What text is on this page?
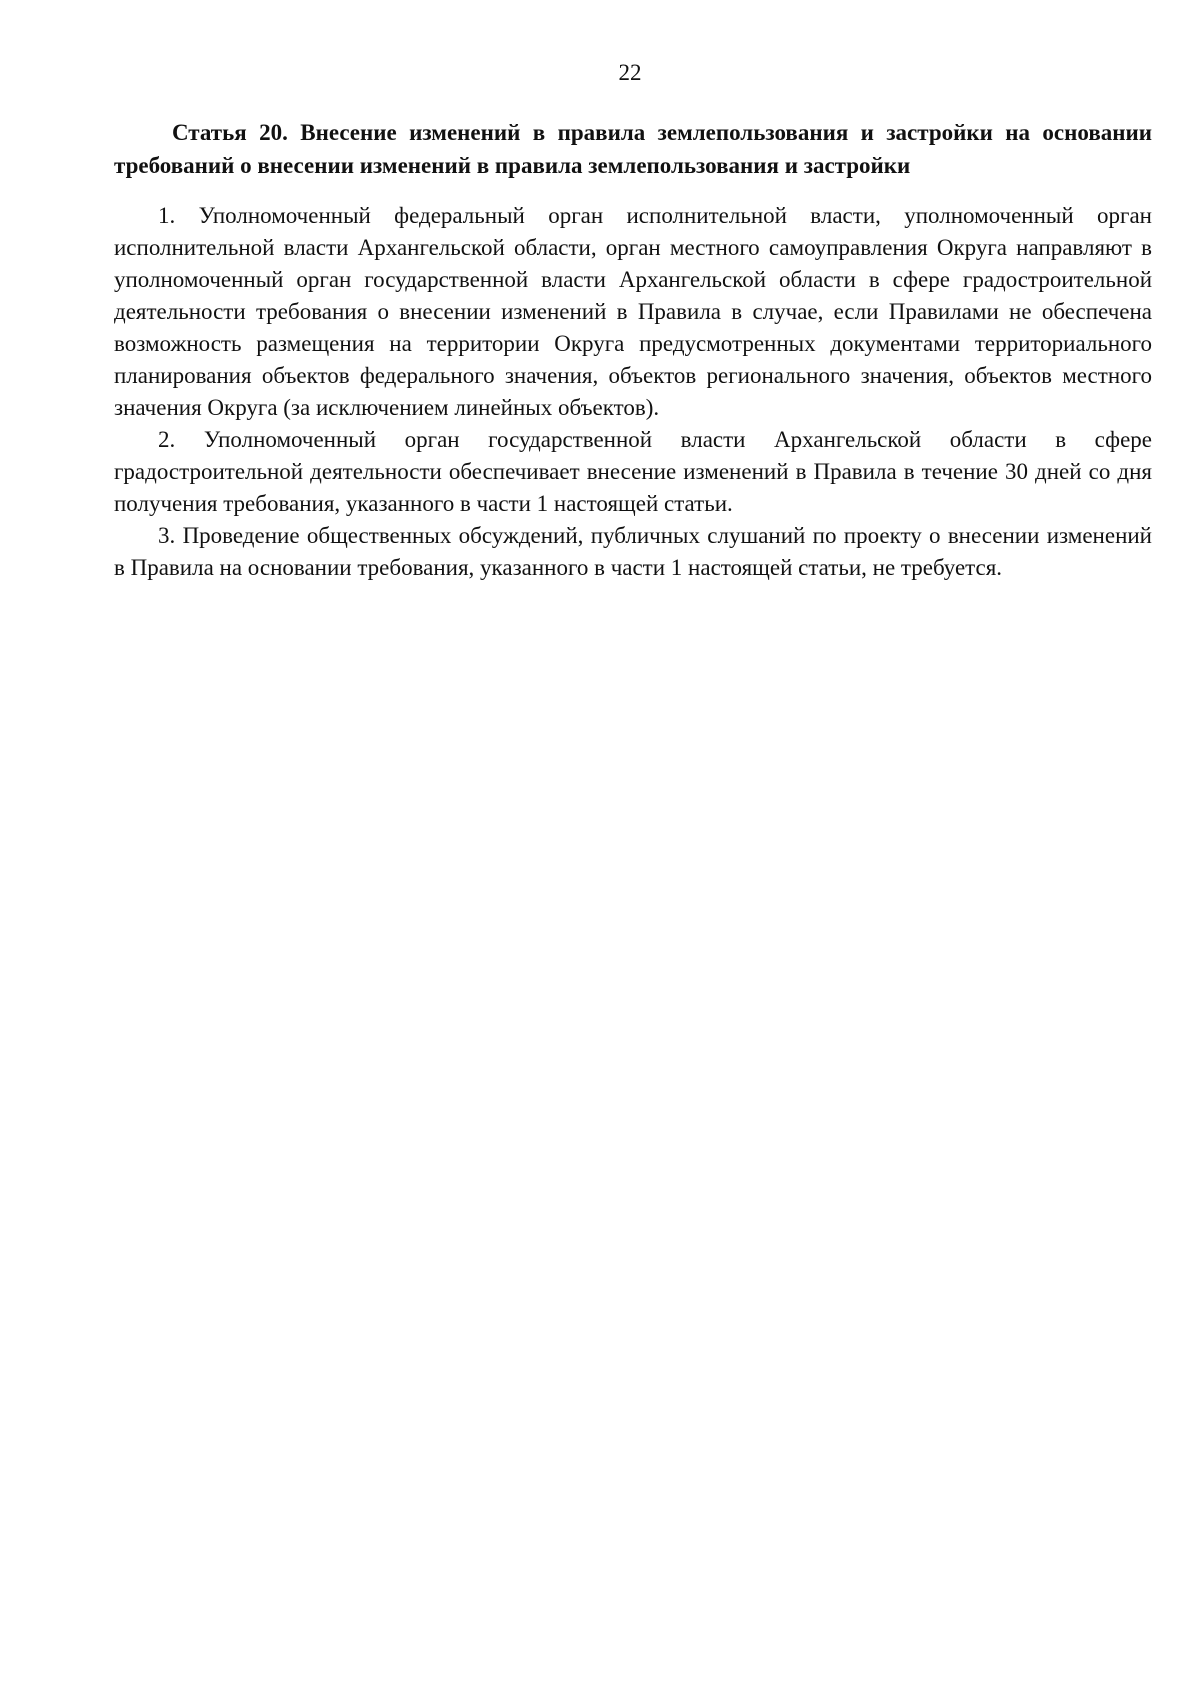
22

Статья 20. Внесение изменений в правила землепользования и застройки на основании требований о внесении изменений в правила землепользования и застройки

1. Уполномоченный федеральный орган исполнительной власти, уполномоченный орган исполнительной власти Архангельской области, орган местного самоуправления Округа направляют в уполномоченный орган государственной власти Архангельской области в сфере градостроительной деятельности требования о внесении изменений в Правила в случае, если Правилами не обеспечена возможность размещения на территории Округа предусмотренных документами территориального планирования объектов федерального значения, объектов регионального значения, объектов местного значения Округа (за исключением линейных объектов).

2. Уполномоченный орган государственной власти Архангельской области в сфере градостроительной деятельности обеспечивает внесение изменений в Правила в течение 30 дней со дня получения требования, указанного в части 1 настоящей статьи.

3. Проведение общественных обсуждений, публичных слушаний по проекту о внесении изменений в Правила на основании требования, указанного в части 1 настоящей статьи, не требуется.
